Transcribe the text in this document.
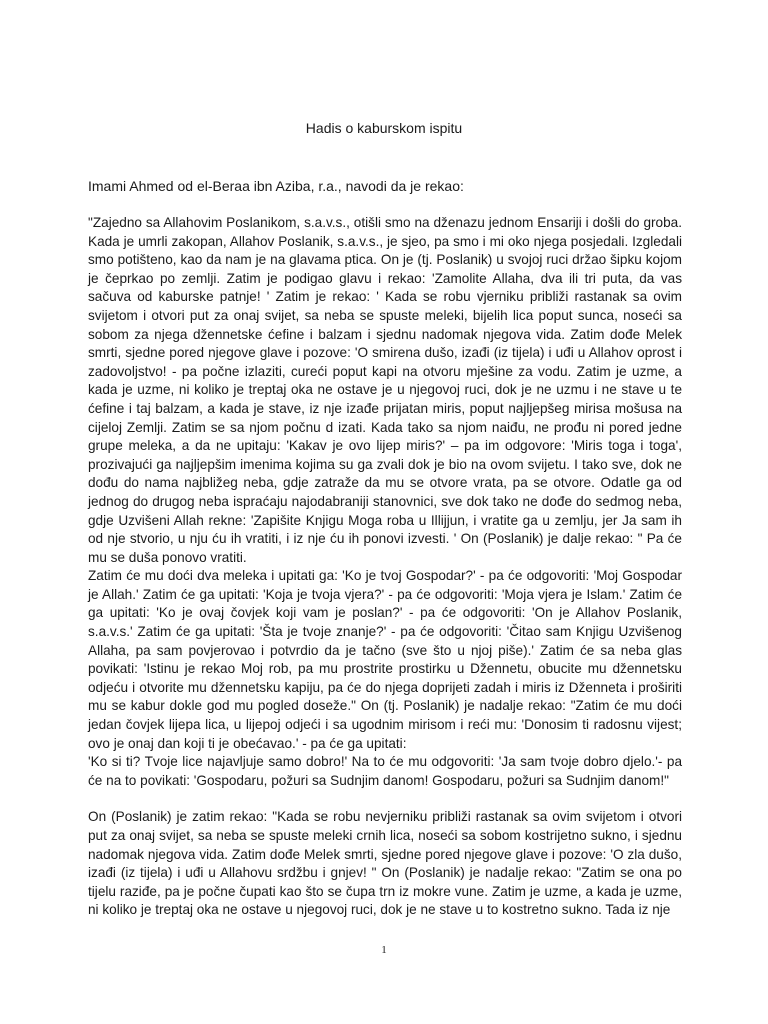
Hadis o kaburskom ispitu
Imami Ahmed od el-Beraa ibn Aziba, r.a., navodi da je rekao:

"Zajedno sa Allahovim Poslanikom, s.a.v.s., otišli smo na dženazu jednom Ensariji i došli do groba. Kada je umrli zakopan, Allahov Poslanik, s.a.v.s., je sjeo, pa smo i mi oko njega posjedali. Izgledali smo potišteno, kao da nam je na glavama ptica. On je (tj. Poslanik) u svojoj ruci držao šipku kojom je čeprkao po zemlji. Zatim je podigao glavu i rekao: 'Zamolite Allaha, dva ili tri puta, da vas sačuva od kaburske patnje! ' Zatim je rekao: ' Kada se robu vjerniku približi rastanak sa ovim svijetom i otvori put za onaj svijet, sa neba se spuste meleki, bijelih lica poput sunca, noseći sa sobom za njega džennetske ćefine i balzam i sjednu nadomak njegova vida. Zatim dođe Melek smrti, sjedne pored njegove glave i pozove: 'O smirena dušo, izađi (iz tijela) i uđi u Allahov oprost i zadovoljstvo! - pa počne izlaziti, cureći poput kapi na otvoru mješine za vodu. Zatim je uzme, a kada je uzme, ni koliko je treptaj oka ne ostave je u njegovoj ruci, dok je ne uzmu i ne stave u te ćefine i taj balzam, a kada je stave, iz nje izađe prijatan miris, poput najljepšeg mirisa mošusa na cijeloj Zemlji. Zatim se sa njom počnu d izati. Kada tako sa njom naiđu, ne prođu ni pored jedne grupe meleka, a da ne upitaju: 'Kakav je ovo lijep miris?' – pa im odgovore: 'Miris toga i toga', prozivajući ga najljepšim imenima kojima su ga zvali dok je bio na ovom svijetu. I tako sve, dok ne dođu do nama najbližeg neba, gdje zatraže da mu se otvore vrata, pa se otvore. Odatle ga od jednog do drugog neba ispraćaju najodabraniji stanovnici, sve dok tako ne dođe do sedmog neba, gdje Uzvišeni Allah rekne: 'Zapišite Knjigu Moga roba u Illijjun, i vratite ga u zemlju, jer Ja sam ih od nje stvorio, u nju ću ih vratiti, i iz nje ću ih ponovi izvesti. ' On (Poslanik) je dalje rekao: " Pa će mu se duša ponovo vratiti.

Zatim će mu doći dva meleka i upitati ga: 'Ko je tvoj Gospodar?' - pa će odgovoriti: 'Moj Gospodar je Allah.' Zatim će ga upitati: 'Koja je tvoja vjera?' - pa će odgovoriti: 'Moja vjera je Islam.' Zatim će ga upitati: 'Ko je ovaj čovjek koji vam je poslan?' - pa će odgovoriti: 'On je Allahov Poslanik, s.a.v.s.' Zatim će ga upitati: 'Šta je tvoje znanje?' - pa će odgovoriti: 'Čitao sam Knjigu Uzvišenog Allaha, pa sam povjerovao i potvrdio da je tačno (sve što u njoj piše).' Zatim će sa neba glas povikati: 'Istinu je rekao Moj rob, pa mu prostrite prostirku u Džennetu, obucite mu džennetsku odjeću i otvorite mu džennetsku kapiju, pa će do njega doprijeti zadah i miris iz Dženneta i proširiti mu se kabur dokle god mu pogled doseže." On (tj. Poslanik) je nadalje rekao: "Zatim će mu doći jedan čovjek lijepa lica, u lijepoj odjeći i sa ugodnim mirisom i reći mu: 'Donosim ti radosnu vijest; ovo je onaj dan koji ti je obećavao.' - pa će ga upitati:

'Ko si ti? Tvoje lice najavljuje samo dobro!' Na to će mu odgovoriti: 'Ja sam tvoje dobro djelo.'- pa će na to povikati: 'Gospodaru, požuri sa Sudnjim danom! Gospodaru, požuri sa Sudnjim danom!"

On (Poslanik) je zatim rekao: "Kada se robu nevjerniku približi rastanak sa ovim svijetom i otvori put za onaj svijet, sa neba se spuste meleki crnih lica, noseći sa sobom kostrijetno sukno, i sjednu nadomak njegova vida. Zatim dođe Melek smrti, sjedne pored njegove glave i pozove: 'O zla dušo, izađi (iz tijela) i uđi u Allahovu srdžbu i gnjev! " On (Poslanik) je nadalje rekao: "Zatim se ona po tijelu raziđe, pa je počne čupati kao što se čupa trn iz mokre vune. Zatim je uzme, a kada je uzme, ni koliko je treptaj oka ne ostave u njegovoj ruci, dok je ne stave u to kostretno sukno. Tada iz nje

1
